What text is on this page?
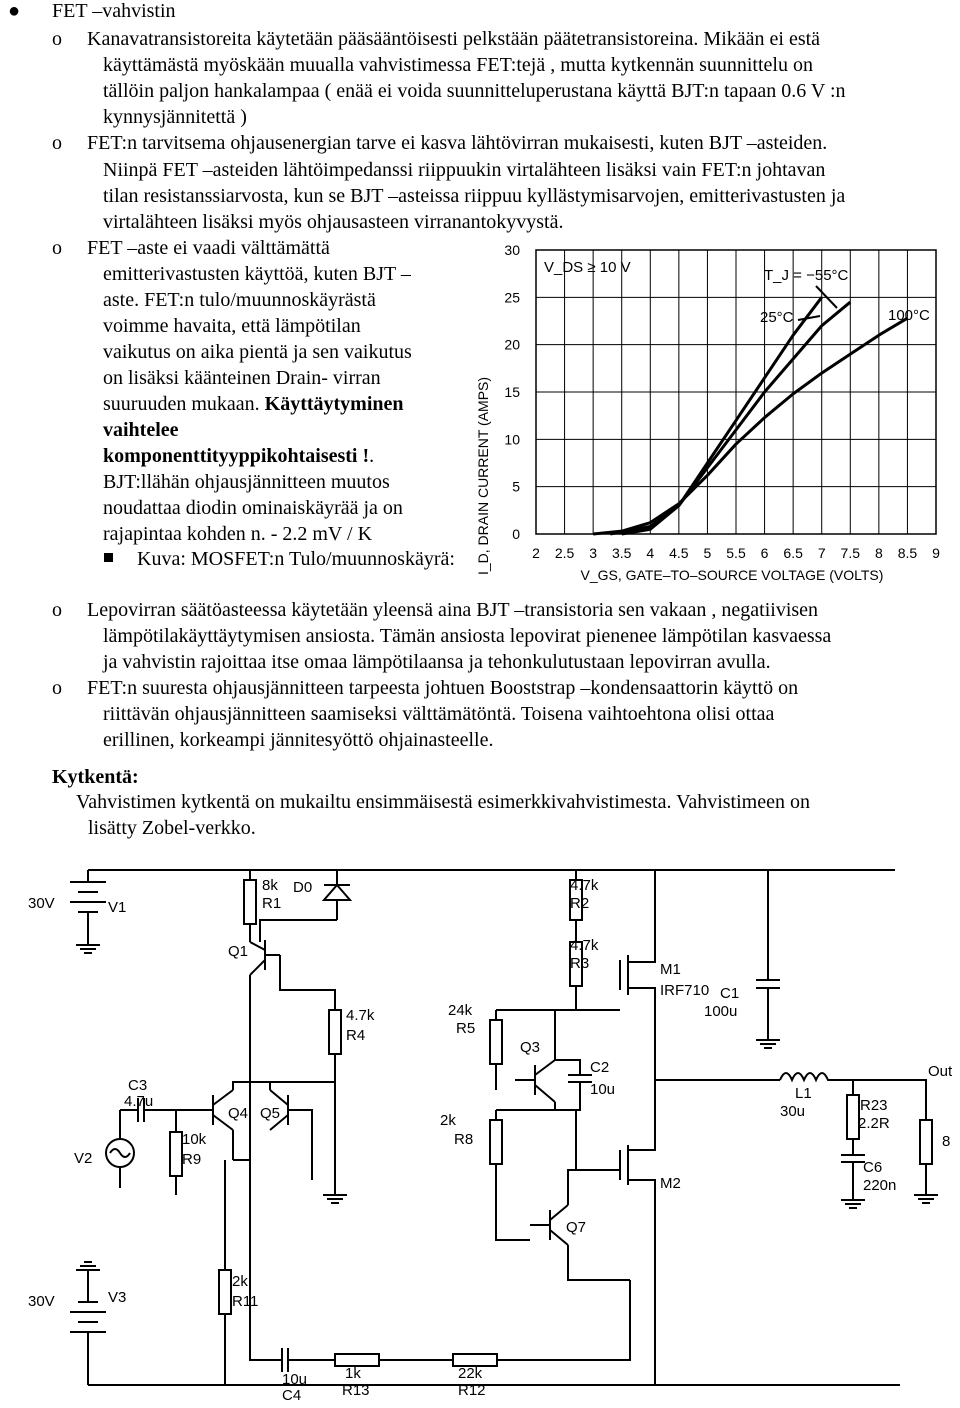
● FET –vahvistin
o Kanavatransistoreita käytetään pääsääntöisesti pelkstään päätetransistoreina. Mikään ei estä
käyttämästä myöskään muualla vahvistimessa FET:tejä , mutta kytkennän suunnittelu on
tällöin paljon hankalampaa ( enää ei voida suunnitteluperustana käyttä BJT:n tapaan 0.6 V :n
kynnysjännitettä )
o FET:n tarvitsema ohjausenergian tarve ei kasva lähtövirran mukaisesti, kuten BJT –asteiden.
Niinpä FET –asteiden lähtöimpedanssi riippuukin virtalähteen lisäksi vain FET:n johtavan
tilan resistanssiarvosta, kun se BJT –asteissa riippuu kyllästymisarvojen, emitterivastusten ja
virtalähteen lisäksi myös ohjausasteen virranantokyvystä.
o FET –aste ei vaadi välttämättä
emitterivastusten käyttöä, kuten BJT –
aste. FET:n tulo/muunnoskäyrästä
voimme havaita, että lämpötilan
vaikutus on aika pientä ja sen vaikutus
on lisäksi käänteinen Drain- virran
suuruuden mukaan. Käyttäytyminen
vaihtelee
komponenttityyppikohtaisesti !.
BJT:llähän ohjausjännitteen muutos
noudattaa diodin ominaiskäyrää ja on
rajapintaa kohden n. - 2.2 mV / K
Kuva: MOSFET:n Tulo/muunnoskäyrä:	2 2.5 3 3.5 4 4.5 5 5.5 6 6.5 7 7.5 8 8.5 9
0
5
10
15
20
25
30
I_D, DRAIN CURRENT (AMPS)	V_GS, GATE–TO–SOURCE VOLTAGE (VOLTS)
V_DS ≥ 10 V	T_J = −55°C
25°C	100°C
o Lepovirran säätöasteessa käytetään yleensä aina BJT –transistoria sen vakaan , negatiivisen
lämpötilakäyttäytymisen ansiosta. Tämän ansiosta lepovirat pienenee lämpötilan kasvaessa
ja vahvistin rajoittaa itse omaa lämpötilaansa ja tehonkulutustaan lepovirran avulla.
o FET:n suuresta ohjausjännitteen tarpeesta johtuen Booststrap –kondensaattorin käyttö on
riittävän ohjausjännitteen saamiseksi välttämätöntä. Toisena vaihtoehtona olisi ottaa
erillinen, korkeampi jännitesyöttö ohjainasteelle.
Kytkentä:
Vahvistimen kytkentä on mukailtu ensimmäisestä esimerkkivahvistimesta. Vahvistimeen on
lisätty Zobel-verkko.
30V	V1
30V	V3
8k
R1
D0
Q1
4.7k
R2
4.7k
R3	M1
IRF710 C1
100u
4.7k
R4
24k
R5
Q3
C2
10u
C3
4.7u
Q4 Q5
V2
10k
R9
2k
R8
M2
L1
30u	R23
2.2R
C6
220n
Out
8
Q7
2k
R11
10u
C4
1k
R13
22k
R12
